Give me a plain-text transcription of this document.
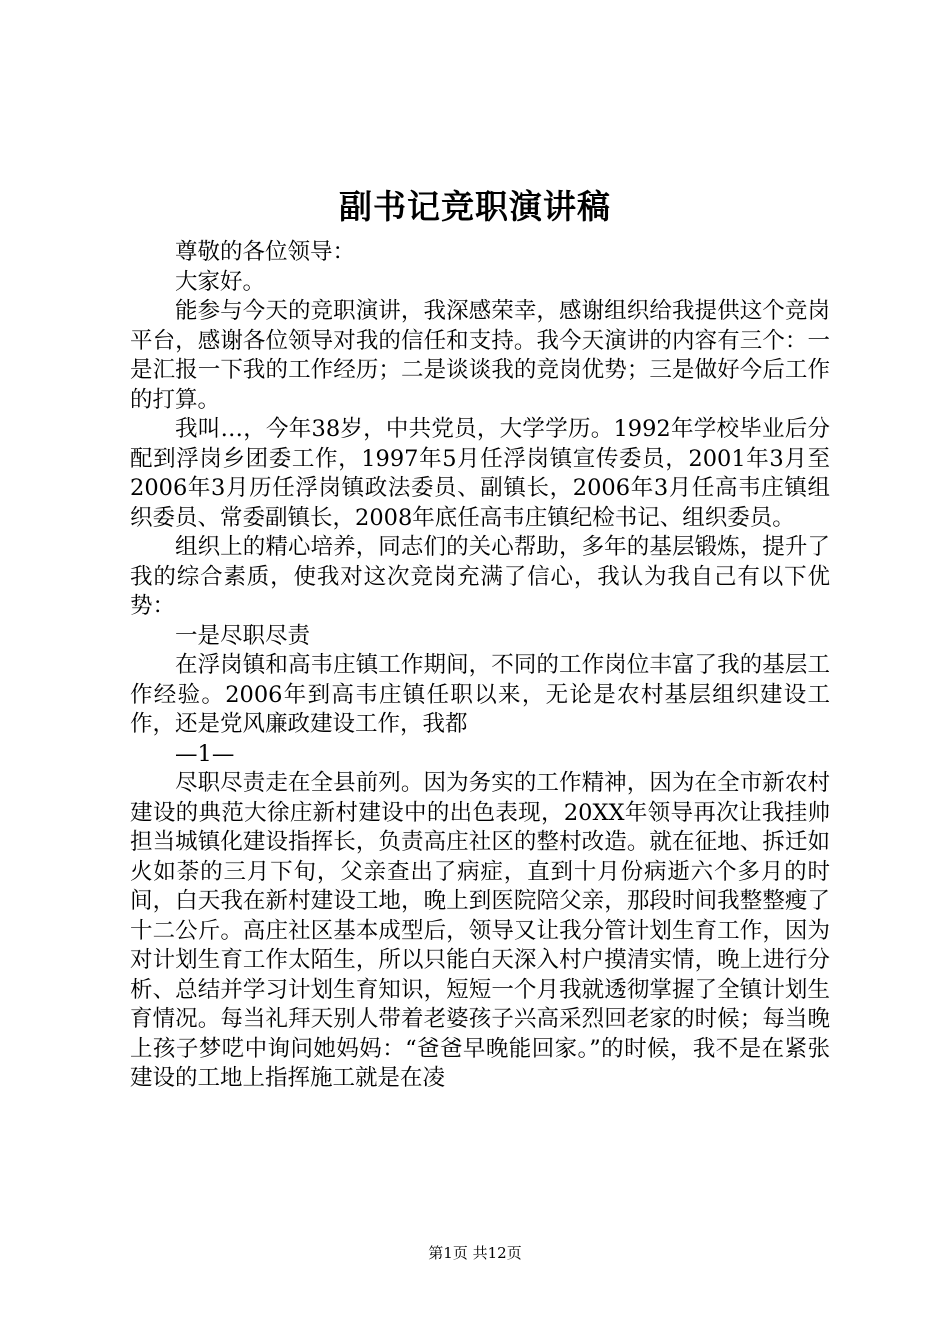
副书记竞职演讲稿

尊敬的各位领导：

大家好。

能参与今天的竞职演讲，我深感荣幸，感谢组织给我提供这个竞岗平台，感谢各位领导对我的信任和支持。我今天演讲的内容有三个：一是汇报一下我的工作经历；二是谈谈我的竞岗优势；三是做好今后工作的打算。

我叫…，今年38岁，中共党员，大学学历。1992年学校毕业后分配到浮岗乡团委工作，1997年5月任浮岗镇宣传委员，2001年3月至2006年3月历任浮岗镇政法委员、副镇长，2006年3月任高韦庄镇组织委员、常委副镇长，2008年底任高韦庄镇纪检书记、组织委员。

组织上的精心培养，同志们的关心帮助，多年的基层锻炼，提升了我的综合素质，使我对这次竞岗充满了信心，我认为我自己有以下优势：

一是尽职尽责

在浮岗镇和高韦庄镇工作期间，不同的工作岗位丰富了我的基层工作经验。2006年到高韦庄镇任职以来，无论是农村基层组织建设工作，还是党风廉政建设工作，我都

—1—

尽职尽责走在全县前列。因为务实的工作精神，因为在全市新农村建设的典范大徐庄新村建设中的出色表现，20XX年领导再次让我挂帅担当城镇化建设指挥长，负责高庄社区的整村改造。就在征地、拆迁如火如荼的三月下旬，父亲查出了病症，直到十月份病逝六个多月的时间，白天我在新村建设工地，晚上到医院陪父亲，那段时间我整整瘦了十二公斤。高庄社区基本成型后，领导又让我分管计划生育工作，因为对计划生育工作太陌生，所以只能白天深入村户摸清实情，晚上进行分析、总结并学习计划生育知识，短短一个月我就透彻掌握了全镇计划生育情况。每当礼拜天别人带着老婆孩子兴高采烈回老家的时候；每当晚上孩子梦呓中询问她妈妈：“爸爸早晚能回家。”的时候，我不是在紧张建设的工地上指挥施工就是在凌

第1页 共12页
